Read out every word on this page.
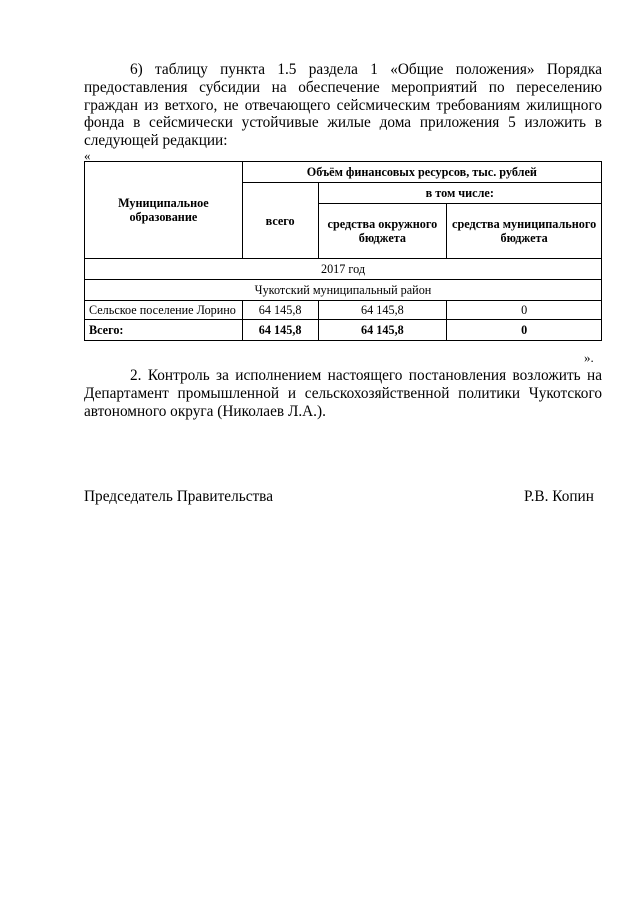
6) таблицу пункта 1.5 раздела 1 «Общие положения» Порядка предоставления субсидии на обеспечение мероприятий по переселению граждан из ветхого, не отвечающего сейсмическим требованиям жилищного фонда в сейсмически устойчивые жилые дома приложения 5 изложить в следующей редакции:
«
Муниципальное образование	Объём финансовых ресурсов, тыс. рублей		
	всего	в том числе:	
		средства окружного бюджета	средства муниципального бюджета
2017 год			
Чукотский муниципальный район			
Сельское поселение Лорино	64 145,8	64 145,8	0
Всего:	64 145,8	64 145,8	0
».
2. Контроль за исполнением настоящего постановления возложить на Департамент промышленной и сельскохозяйственной политики Чукотского автономного округа (Николаев Л.А.).
Председатель Правительства	Р.В. Копин
